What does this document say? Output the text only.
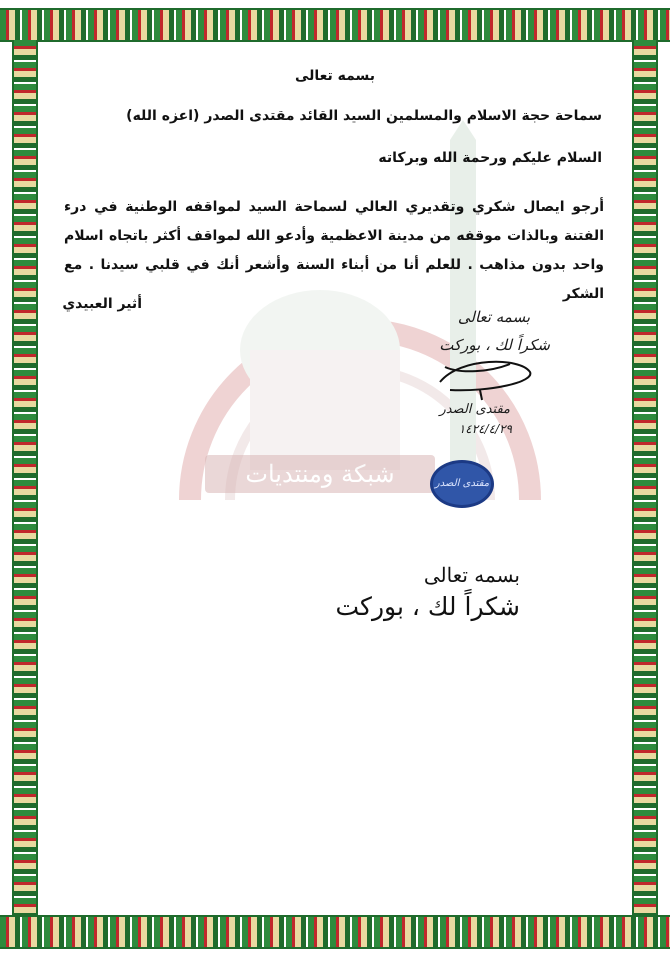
شبكة ومنتديات
بسمه تعالى
سماحة حجة الاسلام والمسلمين السيد القائد مقتدى الصدر (اعزه الله)
السلام عليكم ورحمة الله وبركاته
أرجو ايصال شكري وتقديري العالي لسماحة السيد لمواقفه الوطنية في درء الفتنة وبالذات موقفه من مدينة الاعظمية وأدعو الله لمواقف أكثر باتجاه اسلام واحد بدون مذاهب . للعلم أنا من أبناء السنة وأشعر أنك في قلبي سيدنا . مع الشكر
أثير العبيدي
بسمه تعالى
شكراً لك ، بوركت
مقتدى الصدر
١٤٢٤/٤/٢٩
مقتدى الصدر
بسمه تعالى
شكراً لك ، بوركت
